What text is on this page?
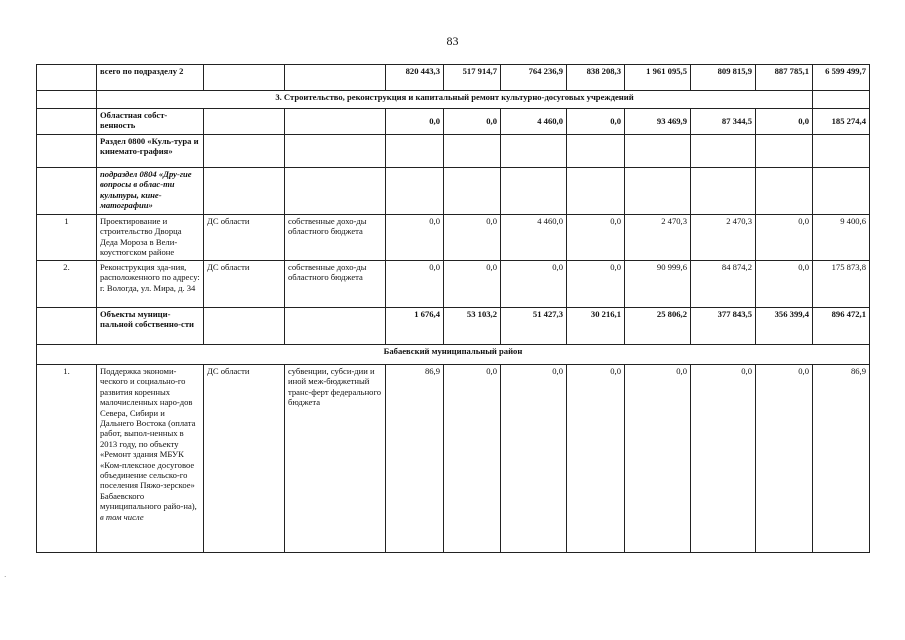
83
	всего по подразделу 2			820 443,3	517 914,7	764 236,9	838 208,3	1 961 095,5	809 815,9	887 785,1	6 599 499,7
	3. Строительство, реконструкция и капитальный ремонт культурно-досуговых учреждений										
	Областная собст-венность			0,0	0,0	4 460,0	0,0	93 469,9	87 344,5	0,0	185 274,4
	Раздел 0800 «Куль-тура и кинемато-графия»										
	подраздел 0804 «Дру-гие вопросы в облас-ти культуры, кине-матографии»										
1	Проектирование и строительство Дворца Деда Мороза в Вели-коустюгском районе	ДС области	собственные дохо-ды областного бюджета	0,0	0,0	4 460,0	0,0	2 470,3	2 470,3	0,0	9 400,6
2.	Реконструкция зда-ния, расположенного по адресу: г. Вологда, ул. Мира, д. 34	ДС области	собственные дохо-ды областного бюджета	0,0	0,0	0,0	0,0	90 999,6	84 874,2	0,0	175 873,8
	Объекты муници-пальной собственно-сти			1 676,4	53 103,2	51 427,3	30 216,1	25 806,2	377 843,5	356 399,4	896 472,1
Бабаевский муниципальный район											
1.	Поддержка экономи-ческого и социально-го развития коренных малочисленных наро-дов Севера, Сибири и Дальнего Востока (оплата работ, выпол-ненных в 2013 году, по объекту «Ремонт здания МБУК «Ком-плексное досуговое объединение сельско-го поселения Пяжо-зерское» Бабаевского муниципального райо-на), в том числе	ДС области	субвенции, субси-дии и иной меж-бюджетный транс-ферт федерального бюджета	86,9	0,0	0,0	0,0	0,0	0,0	0,0	86,9
·
